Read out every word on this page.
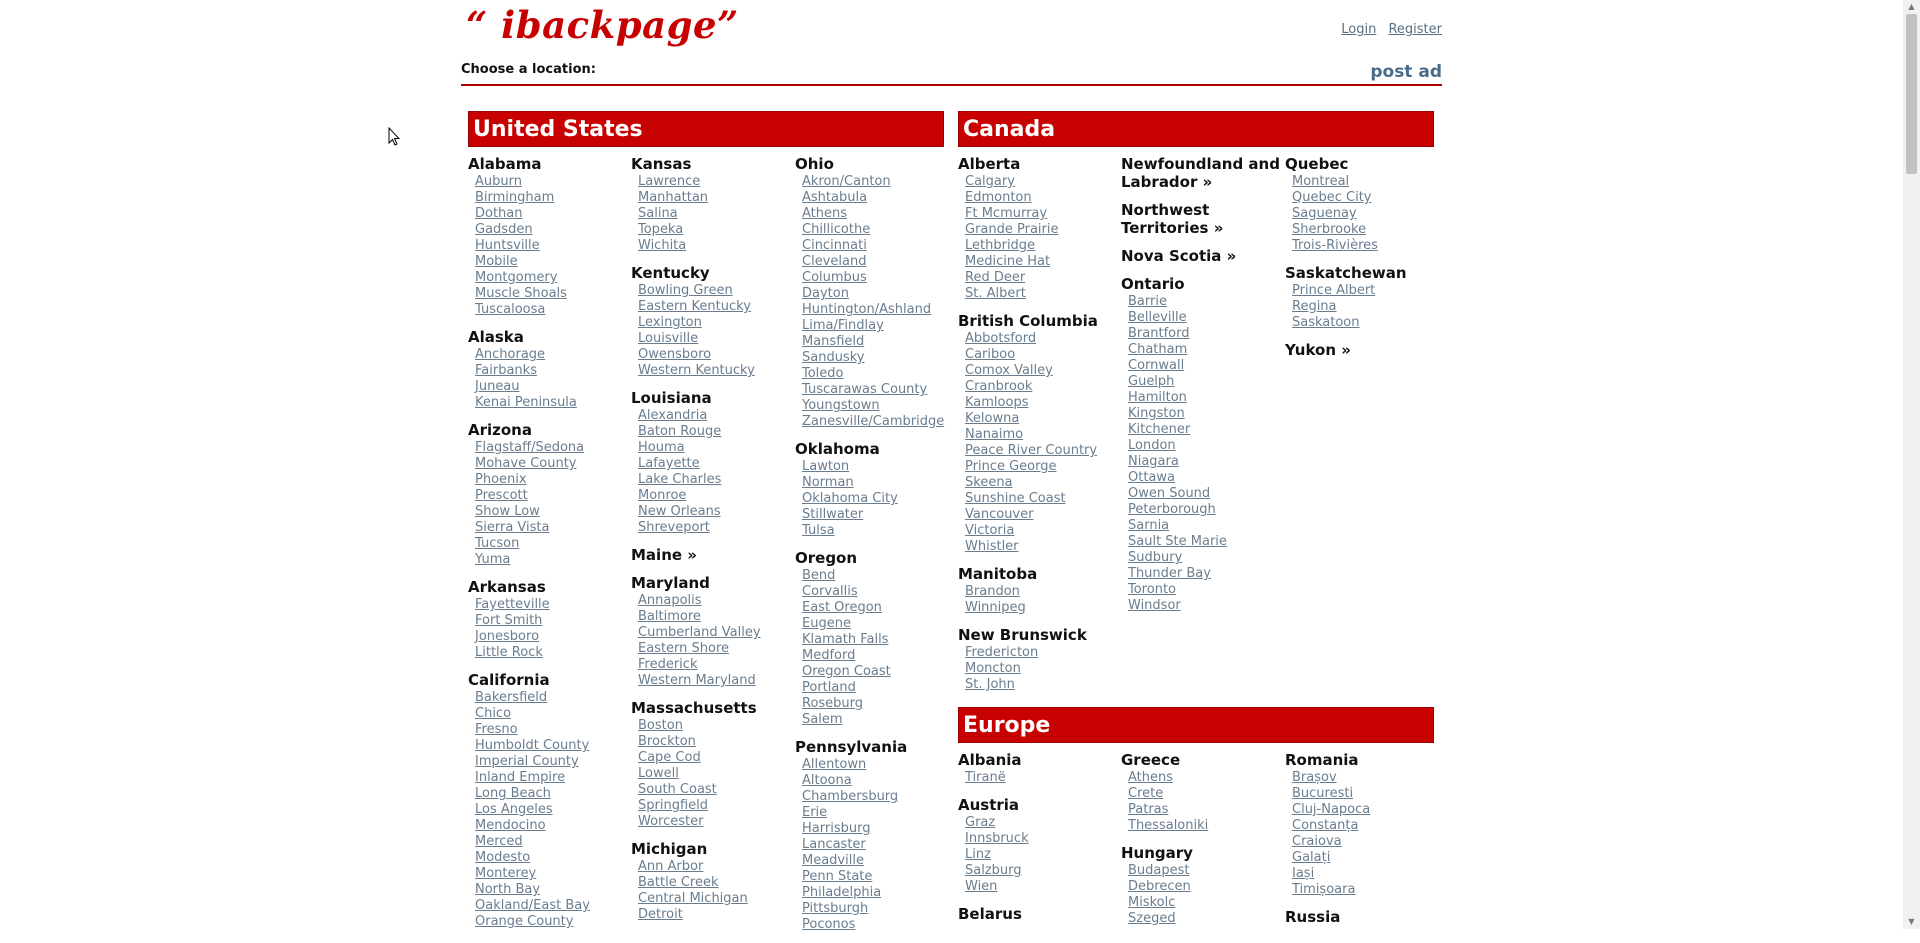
“ ibackpage”	Login Register
Choose a location:	post ad
United States	Canada
Europe
Alabama
Auburn
Birmingham
Dothan
Gadsden
Huntsville
Mobile
Montgomery
Muscle Shoals
Tuscaloosa
Alaska
Anchorage
Fairbanks
Juneau
Kenai Peninsula
Arizona
Flagstaff/Sedona
Mohave County
Phoenix
Prescott
Show Low
Sierra Vista
Tucson
Yuma
Arkansas
Fayetteville
Fort Smith
Jonesboro
Little Rock
California
Bakersfield
Chico
Fresno
Humboldt County
Imperial County
Inland Empire
Long Beach
Los Angeles
Mendocino
Merced
Modesto
Monterey
North Bay
Oakland/East Bay
Orange County
Kansas
Lawrence
Manhattan
Salina
Topeka
Wichita
Kentucky
Bowling Green
Eastern Kentucky
Lexington
Louisville
Owensboro
Western Kentucky
Louisiana
Alexandria
Baton Rouge
Houma
Lafayette
Lake Charles
Monroe
New Orleans
Shreveport
Maine »
Maryland
Annapolis
Baltimore
Cumberland Valley
Eastern Shore
Frederick
Western Maryland
Massachusetts
Boston
Brockton
Cape Cod
Lowell
South Coast
Springfield
Worcester
Michigan
Ann Arbor
Battle Creek
Central Michigan
Detroit
Ohio
Akron/Canton
Ashtabula
Athens
Chillicothe
Cincinnati
Cleveland
Columbus
Dayton
Huntington/Ashland
Lima/Findlay
Mansfield
Sandusky
Toledo
Tuscarawas County
Youngstown
Zanesville/Cambridge
Oklahoma
Lawton
Norman
Oklahoma City
Stillwater
Tulsa
Oregon
Bend
Corvallis
East Oregon
Eugene
Klamath Falls
Medford
Oregon Coast
Portland
Roseburg
Salem
Pennsylvania
Allentown
Altoona
Chambersburg
Erie
Harrisburg
Lancaster
Meadville
Penn State
Philadelphia
Pittsburgh
Poconos
Alberta
Calgary
Edmonton
Ft Mcmurray
Grande Prairie
Lethbridge
Medicine Hat
Red Deer
St. Albert
British Columbia
Abbotsford
Cariboo
Comox Valley
Cranbrook
Kamloops
Kelowna
Nanaimo
Peace River Country
Prince George
Skeena
Sunshine Coast
Vancouver
Victoria
Whistler
Manitoba
Brandon
Winnipeg
New Brunswick
Fredericton
Moncton
St. John
Newfoundland and Labrador »
Northwest Territories »
Nova Scotia »
Ontario
Barrie
Belleville
Brantford
Chatham
Cornwall
Guelph
Hamilton
Kingston
Kitchener
London
Niagara
Ottawa
Owen Sound
Peterborough
Sarnia
Sault Ste Marie
Sudbury
Thunder Bay
Toronto
Windsor
Quebec
Montreal
Quebec City
Saguenay
Sherbrooke
Trois-Rivières
Saskatchewan
Prince Albert
Regina
Saskatoon
Yukon »
Albania
Tiranë
Austria
Graz
Innsbruck
Linz
Salzburg
Wien
Belarus
Greece
Athens
Crete
Patras
Thessaloniki
Hungary
Budapest
Debrecen
Miskolc
Szeged
Romania
Brașov
Bucuresti
Cluj-Napoca
Constanța
Craiova
Galați
Iași
Timișoara
Russia
▲
▼
